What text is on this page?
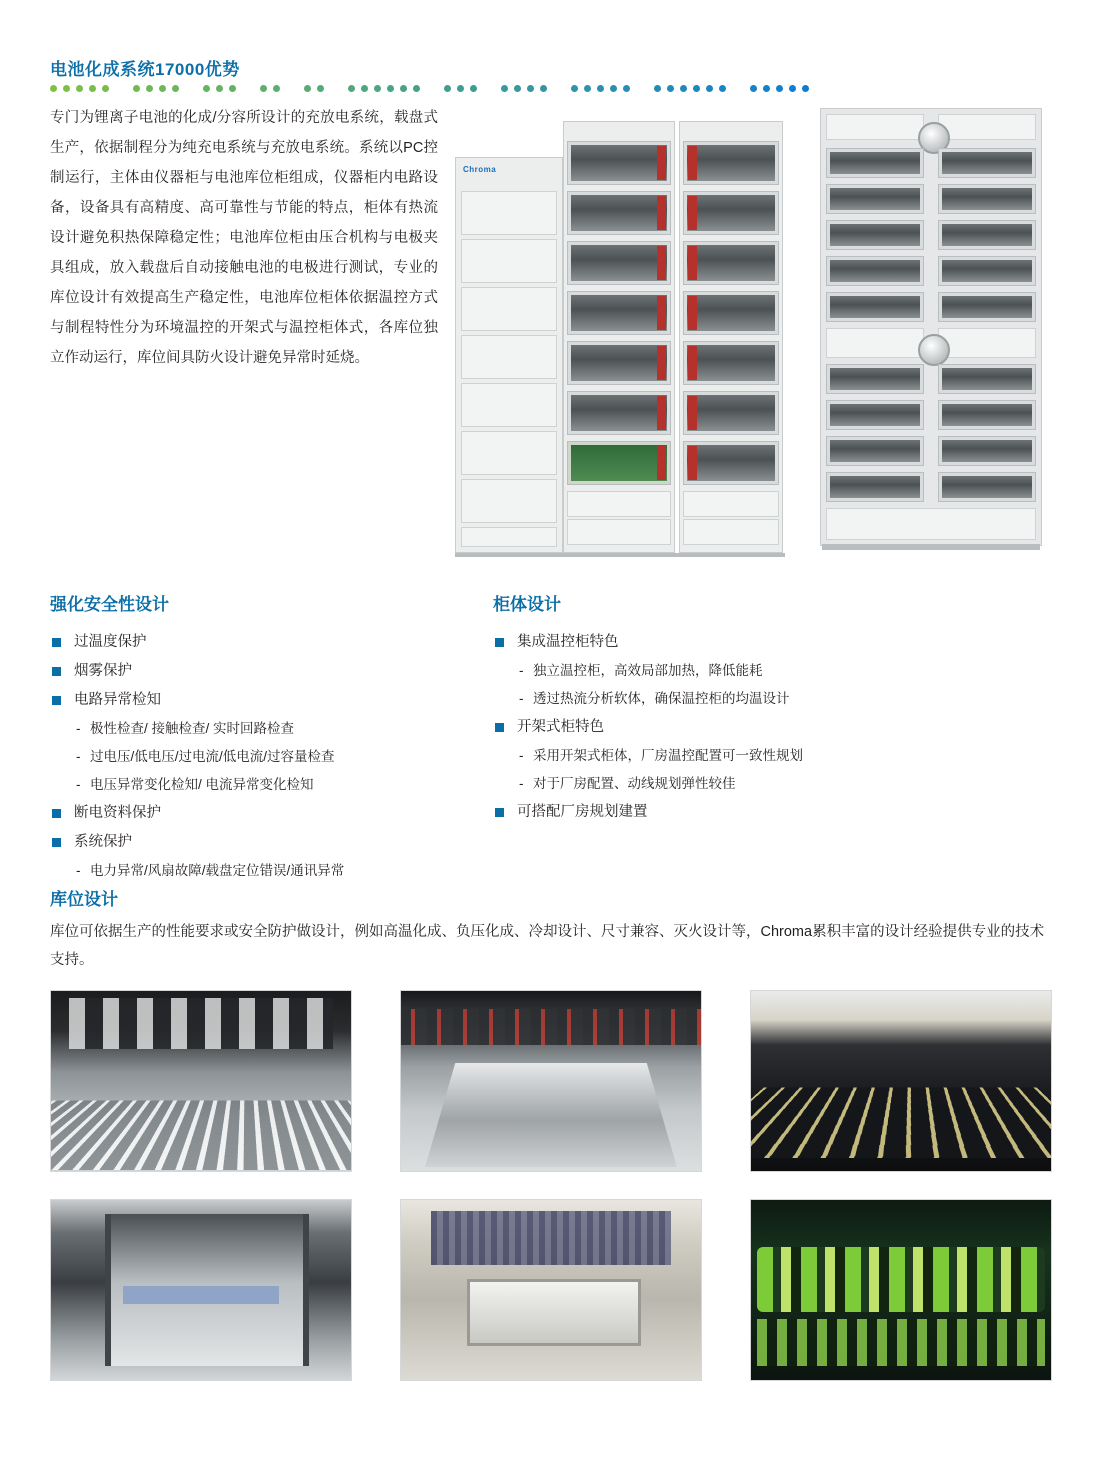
电池化成系统17000优势
专门为锂离子电池的化成/分容所设计的充放电系统，载盘式生产，依据制程分为纯充电系统与充放电系统。系统以PC控制运行，主体由仪器柜与电池库位柜组成，仪器柜内电路设备，设备具有高精度、高可靠性与节能的特点，柜体有热流设计避免积热保障稳定性；电池库位柜由压合机构与电极夹具组成，放入载盘后自动接触电池的电极进行测试，专业的库位设计有效提高生产稳定性，电池库位柜体依据温控方式与制程特性分为环境温控的开架式与温控柜体式，各库位独立作动运行，库位间具防火设计避免异常时延烧。
Chroma
强化安全性设计
过温度保护
烟雾保护
电路异常检知
- 极性检查/ 接触检查/ 实时回路检查
- 过电压/低电压/过电流/低电流/过容量检查
- 电压异常变化检知/ 电流异常变化检知
断电资料保护
系统保护
- 电力异常/风扇故障/载盘定位错误/通讯异常
柜体设计
集成温控柜特色
- 独立温控柜，高效局部加热，降低能耗
- 透过热流分析软体，确保温控柜的均温设计
开架式柜特色
- 采用开架式柜体，厂房温控配置可一致性规划
- 对于厂房配置、动线规划弹性较佳
可搭配厂房规划建置
库位设计
库位可依据生产的性能要求或安全防护做设计，例如高温化成、负压化成、冷却设计、尺寸兼容、灭火设计等，Chroma累积丰富的设计经验提供专业的技术支持。
